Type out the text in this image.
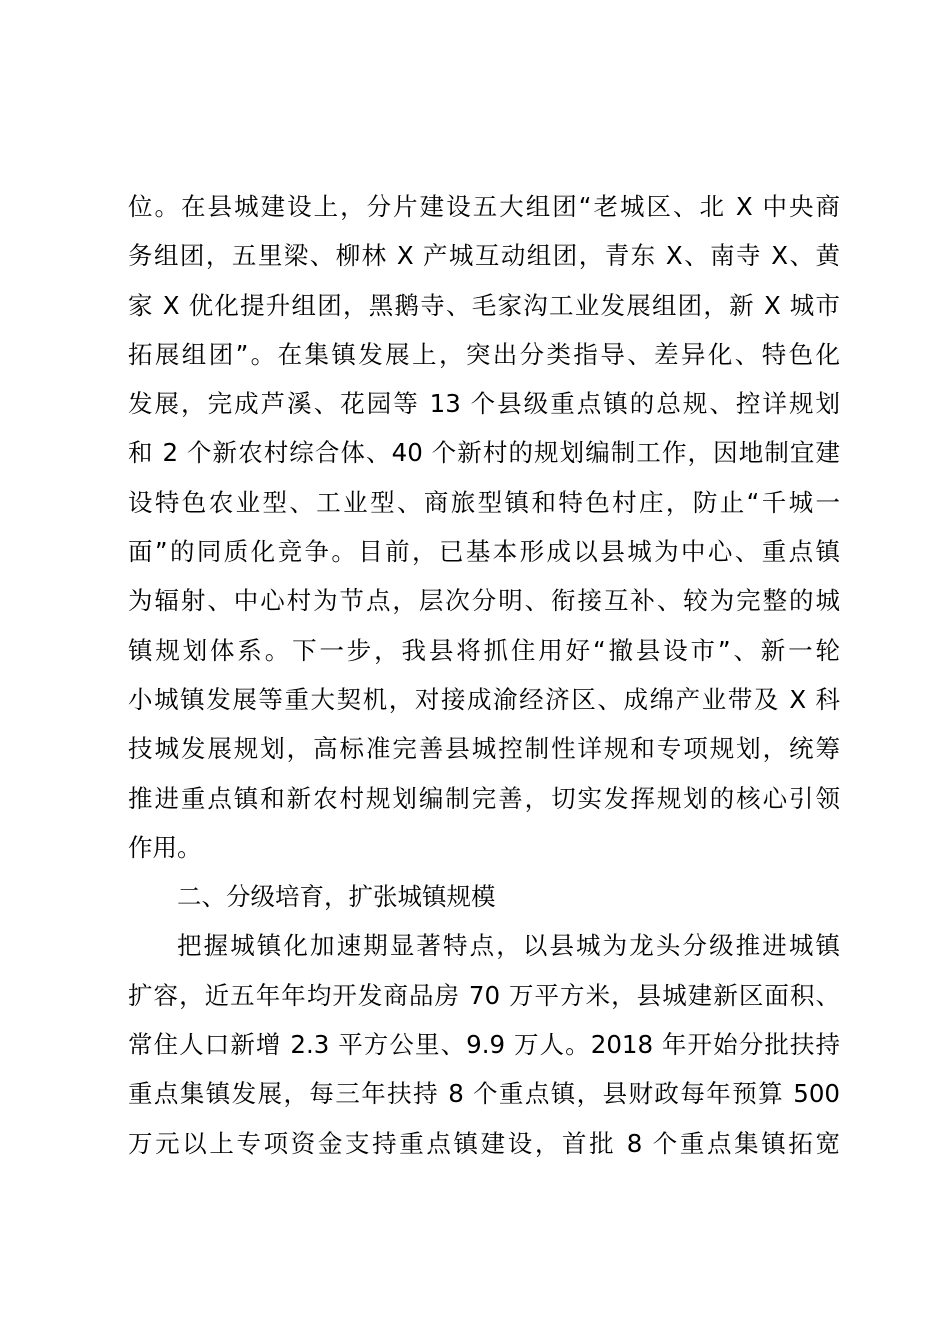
位。在县城建设上，分片建设五大组团“老城区、北 X 中央商
务组团，五里梁、柳林 X 产城互动组团，青东 X、南寺 X、黄
家 X 优化提升组团，黑鹅寺、毛家沟工业发展组团，新 X 城市
拓展组团”。在集镇发展上，突出分类指导、差异化、特色化
发展，完成芦溪、花园等 13 个县级重点镇的总规、控详规划
和 2 个新农村综合体、40 个新村的规划编制工作，因地制宜建
设特色农业型、工业型、商旅型镇和特色村庄，防止“千城一
面”的同质化竞争。目前，已基本形成以县城为中心、重点镇
为辐射、中心村为节点，层次分明、衔接互补、较为完整的城
镇规划体系。下一步，我县将抓住用好“撤县设市”、新一轮
小城镇发展等重大契机，对接成渝经济区、成绵产业带及 X 科
技城发展规划，高标准完善县城控制性详规和专项规划，统筹
推进重点镇和新农村规划编制完善，切实发挥规划的核心引领
作用。
二、分级培育，扩张城镇规模
把握城镇化加速期显著特点，以县城为龙头分级推进城镇
扩容，近五年年均开发商品房 70 万平方米，县城建新区面积、
常住人口新增 2.3 平方公里、9.9 万人。2018 年开始分批扶持
重点集镇发展，每三年扶持 8 个重点镇，县财政每年预算 500
万元以上专项资金支持重点镇建设，首批 8 个重点集镇拓宽
